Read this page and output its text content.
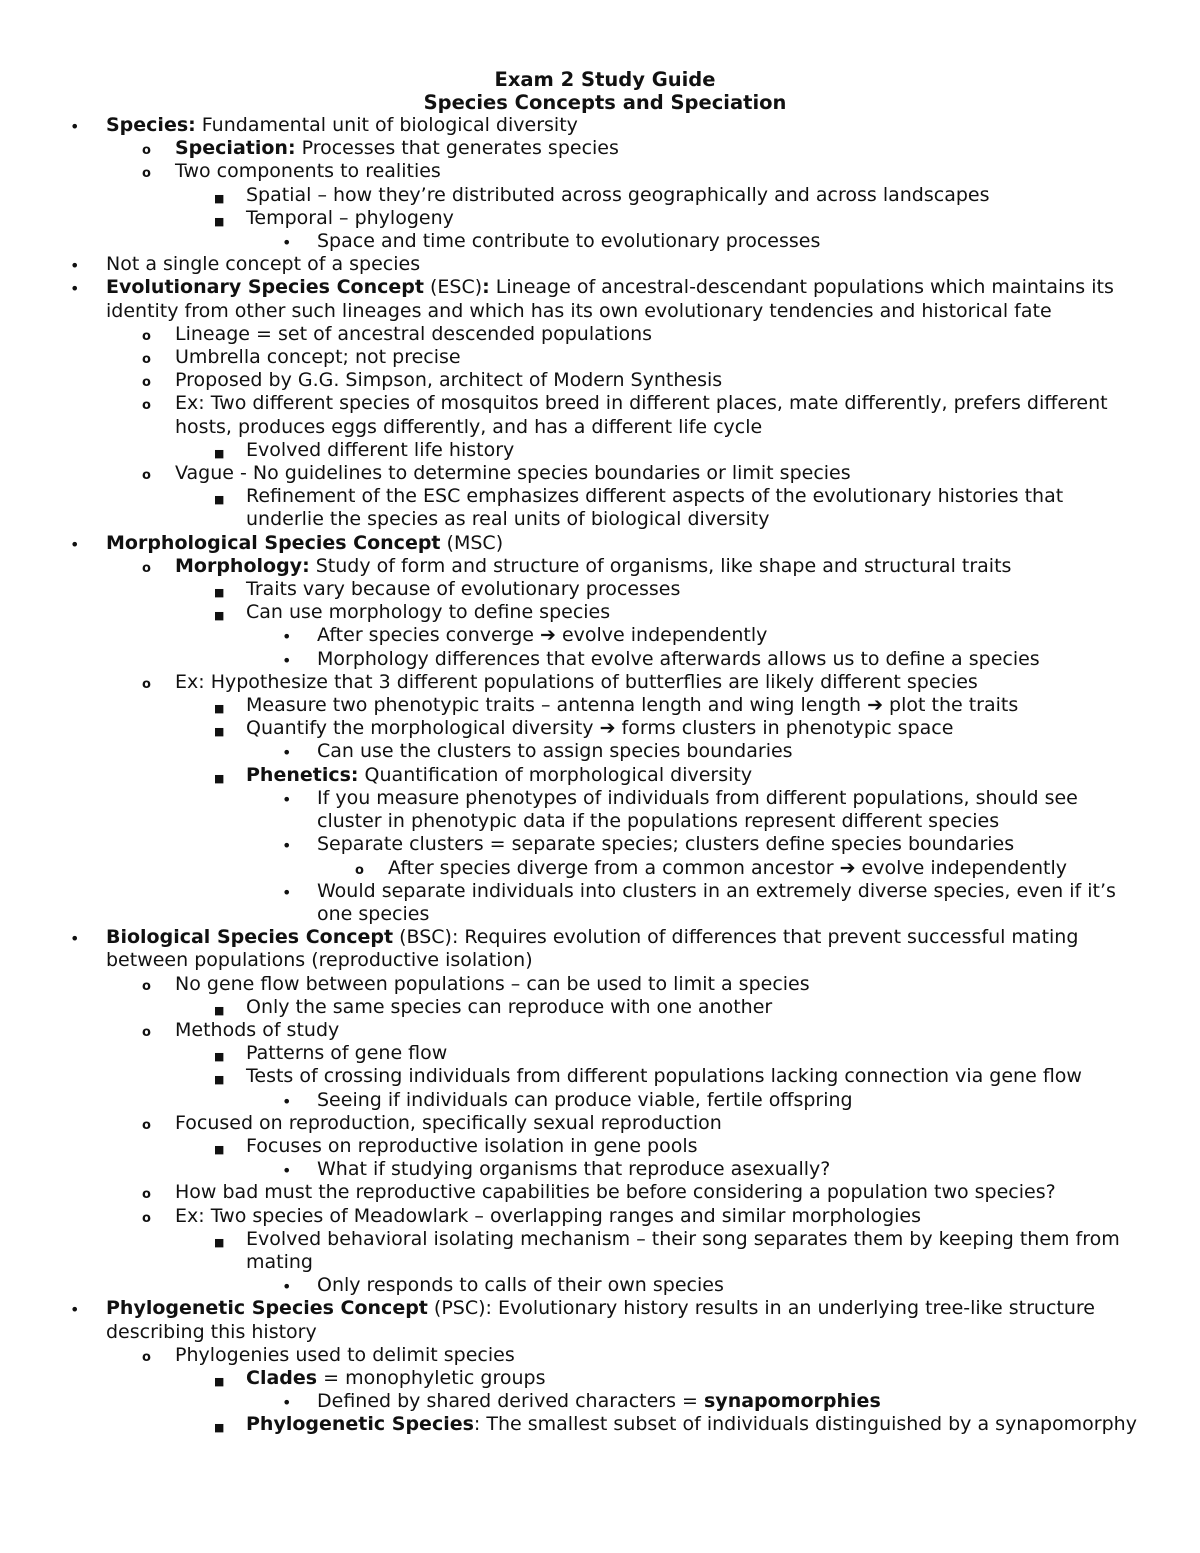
Exam 2 Study Guide
Species Concepts and Speciation
• Species: Fundamental unit of biological diversity
o Speciation: Processes that generates species
o Two components to realities
■ Spatial – how they’re distributed across geographically and across landscapes
■ Temporal – phylogeny
• Space and time contribute to evolutionary processes
• Not a single concept of a species
• Evolutionary Species Concept (ESC): Lineage of ancestral-descendant populations which maintains its identity from other such lineages and which has its own evolutionary tendencies and historical fate
o Lineage = set of ancestral descended populations
o Umbrella concept; not precise
o Proposed by G.G. Simpson, architect of Modern Synthesis
o Ex: Two different species of mosquitos breed in different places, mate differently, prefers different hosts, produces eggs differently, and has a different life cycle
■ Evolved different life history
o Vague - No guidelines to determine species boundaries or limit species
■ Refinement of the ESC emphasizes different aspects of the evolutionary histories that underlie the species as real units of biological diversity
• Morphological Species Concept (MSC)
o Morphology: Study of form and structure of organisms, like shape and structural traits
■ Traits vary because of evolutionary processes
■ Can use morphology to define species
• After species converge ➔ evolve independently
• Morphology differences that evolve afterwards allows us to define a species
o Ex: Hypothesize that 3 different populations of butterflies are likely different species
■ Measure two phenotypic traits – antenna length and wing length ➔ plot the traits
■ Quantify the morphological diversity ➔ forms clusters in phenotypic space
• Can use the clusters to assign species boundaries
■ Phenetics: Quantification of morphological diversity
• If you measure phenotypes of individuals from different populations, should see cluster in phenotypic data if the populations represent different species
• Separate clusters = separate species; clusters define species boundaries
o After species diverge from a common ancestor ➔ evolve independently
• Would separate individuals into clusters in an extremely diverse species, even if it’s one species
• Biological Species Concept (BSC): Requires evolution of differences that prevent successful mating between populations (reproductive isolation)
o No gene flow between populations – can be used to limit a species
■ Only the same species can reproduce with one another
o Methods of study
■ Patterns of gene flow
■ Tests of crossing individuals from different populations lacking connection via gene flow
• Seeing if individuals can produce viable, fertile offspring
o Focused on reproduction, specifically sexual reproduction
■ Focuses on reproductive isolation in gene pools
• What if studying organisms that reproduce asexually?
o How bad must the reproductive capabilities be before considering a population two species?
o Ex: Two species of Meadowlark – overlapping ranges and similar morphologies
■ Evolved behavioral isolating mechanism – their song separates them by keeping them from mating
• Only responds to calls of their own species
• Phylogenetic Species Concept (PSC): Evolutionary history results in an underlying tree-like structure describing this history
o Phylogenies used to delimit species
■ Clades = monophyletic groups
• Defined by shared derived characters = synapomorphies
■ Phylogenetic Species: The smallest subset of individuals distinguished by a synapomorphy
